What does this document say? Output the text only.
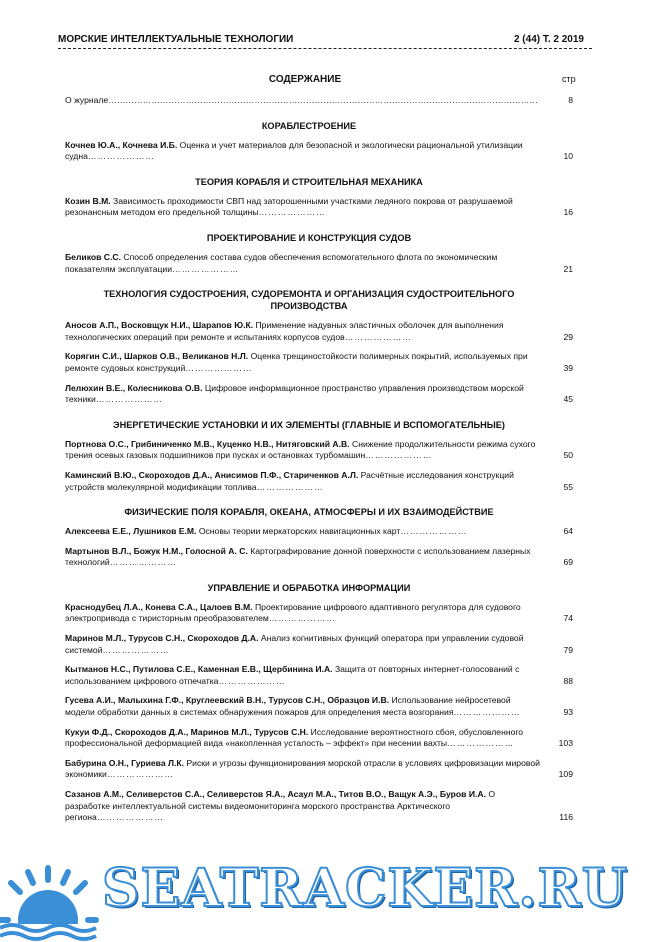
МОРСКИЕ ИНТЕЛЛЕКТУАЛЬНЫЕ ТЕХНОЛОГИИ	2 (44) Т. 2 2019
СОДЕРЖАНИЕ	стр
О журнале……………………………………………………………………………………………………………………………………	8
КОРАБЛЕСТРОЕНИЕ
Кочнев Ю.А., Кочнева И.Б. Оценка и учет материалов для безопасной и экологически рациональной утилизации судна…………………	10
ТЕОРИЯ КОРАБЛЯ И СТРОИТЕЛЬНАЯ МЕХАНИКА
Козин В.М. Зависимость проходимости СВП над заторошенными участками ледяного покрова от разрушаемой резонансным методом его предельной толщины…………………	16
ПРОЕКТИРОВАНИЕ И КОНСТРУКЦИЯ СУДОВ
Беликов С.С. Способ определения состава судов обеспечения вспомогательного флота по экономическим показателям эксплуатации…………………	21
ТЕХНОЛОГИЯ СУДОСТРОЕНИЯ, СУДОРЕМОНТА И ОРГАНИЗАЦИЯ СУДОСТРОИТЕЛЬНОГО ПРОИЗВОДСТВА
Аносов А.П., Восковщук Н.И., Шарапов Ю.К. Применение надувных эластичных оболочек для выполнения технологических операций при ремонте и испытаниях корпусов судов…………………	29
Корягин С.И., Шарков О.В., Великанов Н.Л. Оценка трещиностойкости полимерных покрытий, используемых при ремонте судовых конструкций…………………	39
Лелюхин В.Е., Колесникова О.В. Цифровое информационное пространство управления производством морской техники…………………	45
ЭНЕРГЕТИЧЕСКИЕ УСТАНОВКИ И ИХ ЭЛЕМЕНТЫ (ГЛАВНЫЕ И ВСПОМОГАТЕЛЬНЫЕ)
Портнова О.С., Грибиниченко М.В., Куценко Н.В., Нитяговский А.В. Снижение продолжительности режима сухого трения осевых газовых подшипников при пусках и остановках турбомашин…………………	50
Каминский В.Ю., Скороходов Д.А., Анисимов П.Ф., Стариченков А.Л. Расчётные исследования конструкций устройств молекулярной модификации топлива…………………	55
ФИЗИЧЕСКИЕ ПОЛЯ КОРАБЛЯ, ОКЕАНА, АТМОСФЕРЫ И ИХ ВЗАИМОДЕЙСТВИЕ
Алексеева Е.Е., Лушников Е.М. Основы теории меркаторских навигационных карт…………………	64
Мартынов В.Л., Божук Н.М., Голосной А. С. Картографирование донной поверхности с использованием лазерных технологий…………………	69
УПРАВЛЕНИЕ И ОБРАБОТКА ИНФОРМАЦИИ
Краснодубец Л.А., Конева С.А., Цалоев В.М. Проектирование цифрового адаптивного регулятора для судового электропривода с тиристорным преобразователем…………………	74
Маринов М.Л., Турусов С.Н., Скороходов Д.А. Анализ когнитивных функций оператора при управлении судовой системой…………………	79
Кытманов Н.С., Путилова С.Е., Каменная Е.В., Щербинина И.А. Защита от повторных интернет-голосований с использованием цифрового отпечатка…………………	88
Гусева А.И., Малыхина Г.Ф., Круглеевский В.Н., Турусов С.Н., Образцов И.В. Использование нейросетевой модели обработки данных в системах обнаружения пожаров для определения места возгорания…………………	93
Кукуи Ф.Д., Скороходов Д.А., Маринов М.Л., Турусов С.Н. Исследование вероятностного сбоя, обусловленного профессиональной деформацией вида «накопленная усталость – эффект» при несении вахты…………………	103
Бабурина О.Н., Гуриева Л.К. Риски и угрозы функционирования морской отрасли в условиях цифровизации мировой экономики…………………	109
Сазанов А.М., Селиверстов С.А., Селиверстов Я.А., Асаул М.А., Титов В.О., Ващук А.Э., Буров И.А. О разработке интеллектуальной системы видеомониторинга морского пространства Арктического региона…………………	116
SEATRACKER.RU
